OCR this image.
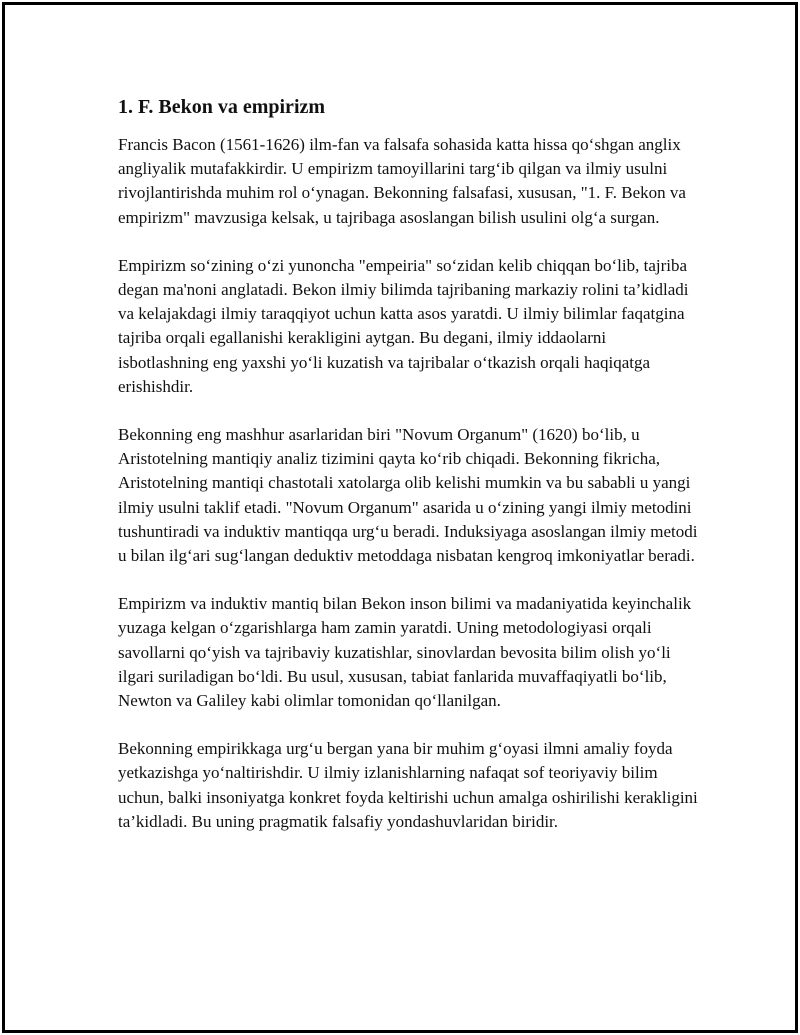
1. F. Bekon va empirizm

Francis Bacon (1561-1626) ilm-fan va falsafa sohasida katta hissa qo‘shgan anglix angliyalik mutafakkirdir. U empirizm tamoyillarini targ‘ib qilgan va ilmiy usulni rivojlantirishda muhim rol o‘ynagan. Bekonning falsafasi, xususan, "1. F. Bekon va empirizm" mavzusiga kelsak, u tajribaga asoslangan bilish usulini olg‘a surgan.

Empirizm so‘zining o‘zi yunoncha "empeiria" so‘zidan kelib chiqqan bo‘lib, tajriba degan ma'noni anglatadi. Bekon ilmiy bilimda tajribaning markaziy rolini ta’kidladi va kelajakdagi ilmiy taraqqiyot uchun katta asos yaratdi. U ilmiy bilimlar faqatgina tajriba orqali egallanishi kerakligini aytgan. Bu degani, ilmiy iddaolarni isbotlashning eng yaxshi yo‘li kuzatish va tajribalar o‘tkazish orqali haqiqatga erishishdir.

Bekonning eng mashhur asarlaridan biri "Novum Organum" (1620) bo‘lib, u Aristotelning mantiqiy analiz tizimini qayta ko‘rib chiqadi. Bekonning fikricha, Aristotelning mantiqi chastotali xatolarga olib kelishi mumkin va bu sababli u yangi ilmiy usulni taklif etadi. "Novum Organum" asarida u o‘zining yangi ilmiy metodini tushuntiradi va induktiv mantiqqa urg‘u beradi. Induksiyaga asoslangan ilmiy metodi u bilan ilg‘ari sug‘langan deduktiv metoddaga nisbatan kengroq imkoniyatlar beradi.

Empirizm va induktiv mantiq bilan Bekon inson bilimi va madaniyatida keyinchalik yuzaga kelgan o‘zgarishlarga ham zamin yaratdi. Uning metodologiyasi orqali savollarni qo‘yish va tajribaviy kuzatishlar, sinovlardan bevosita bilim olish yo‘li ilgari suriladigan bo‘ldi. Bu usul, xususan, tabiat fanlarida muvaffaqiyatli bo‘lib, Newton va Galiley kabi olimlar tomonidan qo‘llanilgan.

Bekonning empirikkaga urg‘u bergan yana bir muhim g‘oyasi ilmni amaliy foyda yetkazishga yo‘naltirishdir. U ilmiy izlanishlarning nafaqat sof teoriyaviy bilim uchun, balki insoniyatga konkret foyda keltirishi uchun amalga oshirilishi kerakligini ta’kidladi. Bu uning pragmatik falsafiy yondashuvlaridan biridir.
